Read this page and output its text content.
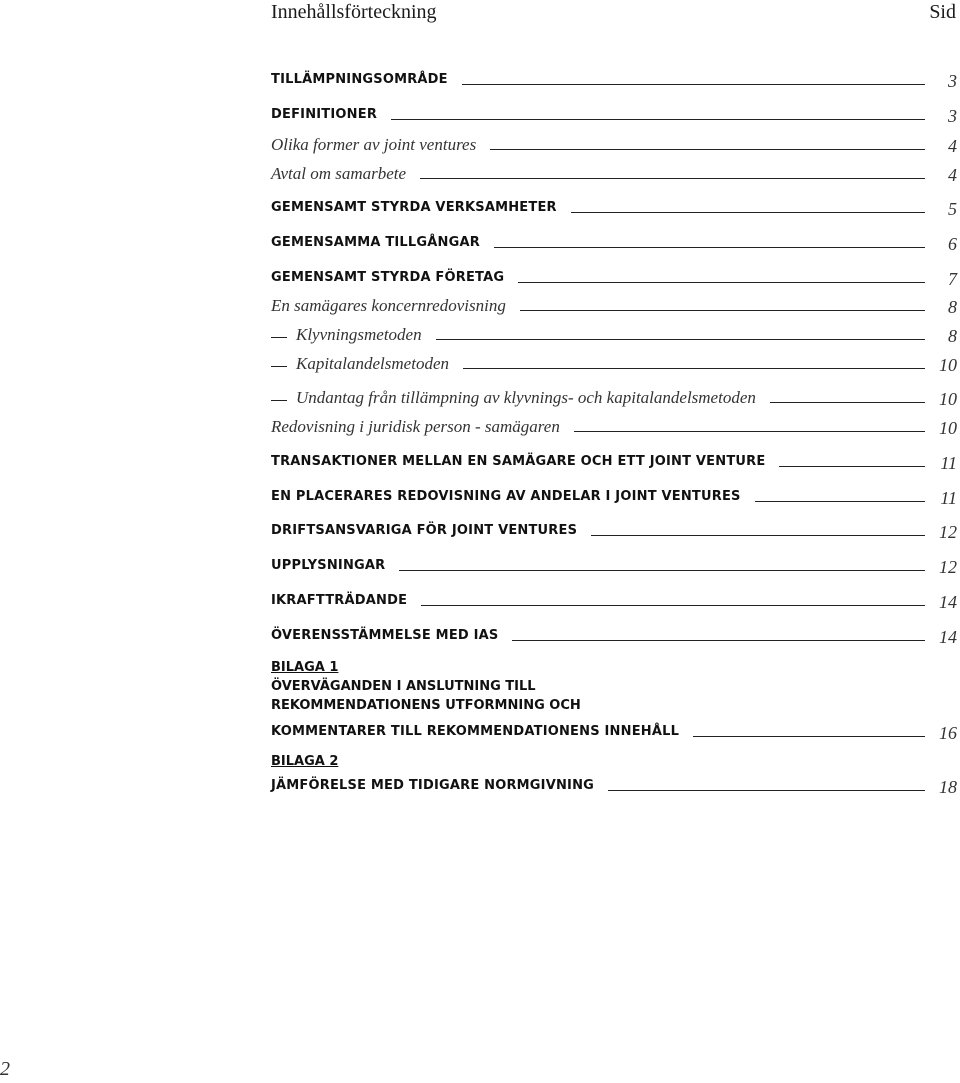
Innehållsförteckning	Sid
TILLÄMPNINGSOMRÅDE	3
DEFINITIONER	3
Olika former av joint ventures	4
Avtal om samarbete	4
GEMENSAMT STYRDA VERKSAMHETER	5
GEMENSAMMA TILLGÅNGAR	6
GEMENSAMT STYRDA FÖRETAG	7
En samägares koncernredovisning	8
Klyvningsmetoden	8
Kapitalandelsmetoden	10
Undantag från tillämpning av klyvnings- och kapitalandelsmetoden	10
Redovisning i juridisk person - samägaren	10
TRANSAKTIONER MELLAN EN SAMÄGARE OCH ETT JOINT VENTURE	11
EN PLACERARES REDOVISNING AV ANDELAR I JOINT VENTURES	11
DRIFTSANSVARIGA FÖR JOINT VENTURES	12
UPPLYSNINGAR	12
IKRAFTTRÄDANDE	14
ÖVERENSSTÄMMELSE MED IAS	14
BILAGA 1
ÖVERVÄGANDEN I ANSLUTNING TILL
REKOMMENDATIONENS UTFORMNING OCH
KOMMENTARER TILL REKOMMENDATIONENS INNEHÅLL	16
BILAGA 2
JÄMFÖRELSE MED TIDIGARE NORMGIVNING	18
2
